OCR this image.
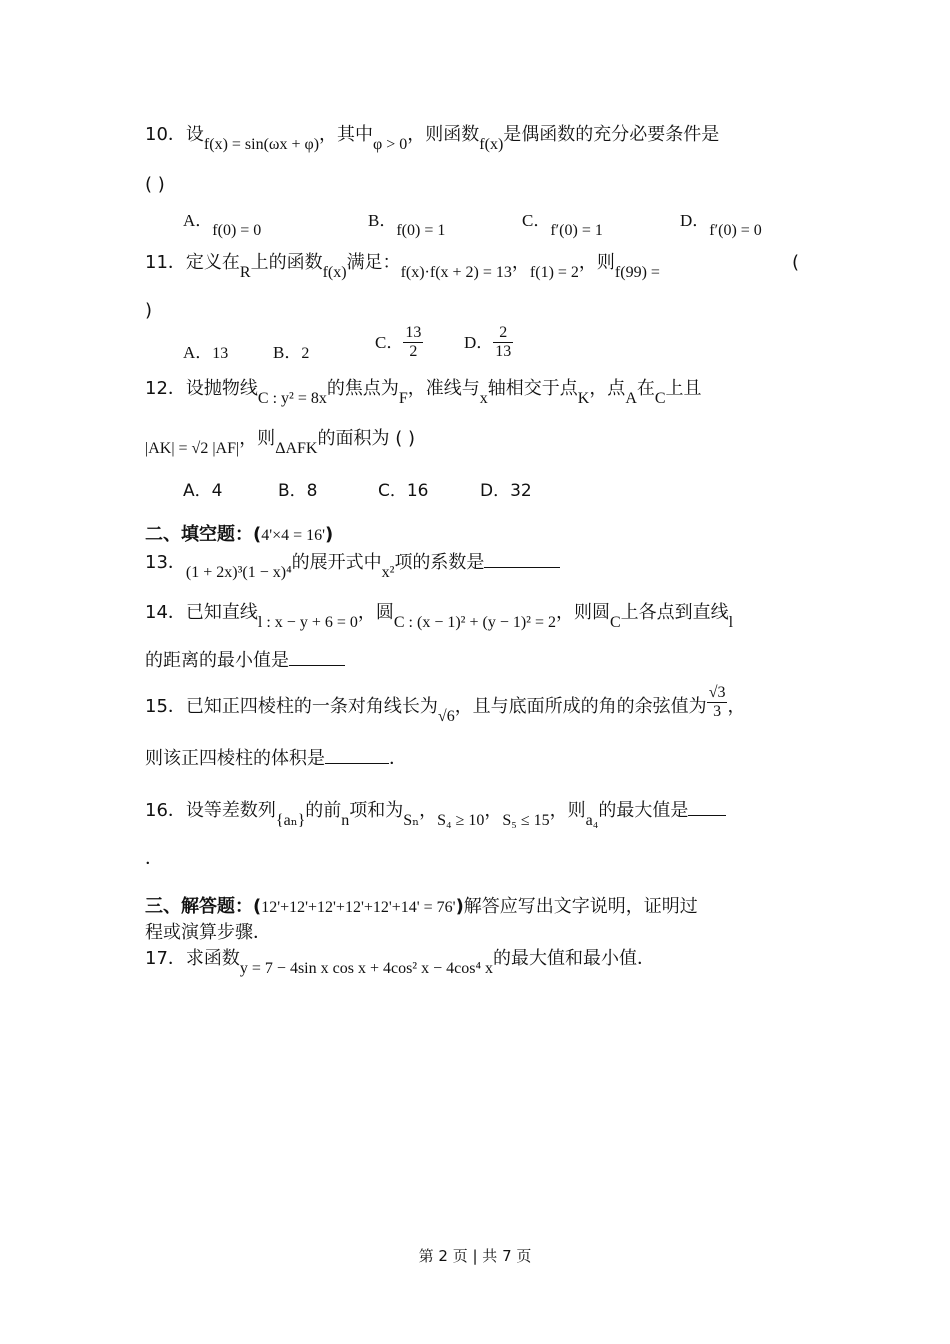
10．设f(x) = sin(ωx + φ)，其中φ > 0，则函数f(x)是偶函数的充分必要条件是
( )
A．f(0) = 0
B．f(0) = 1
C．f′(0) = 1
D．f′(0) = 0
11．定义在R上的函数f(x)满足：f(x)·f(x + 2) = 13，f(1) = 2，则f(99) =	(
)
A．13	B．2
C． $\frac{13}{2}$ D． $\frac{2}{13}$
12．设抛物线C : y² = 8x的焦点为F，准线与x轴相交于点K，点A在C上且
|AK| = √2 |AF|，则ΔAFK的面积为 ( )
A．4	B．8	C．16	D．32
二、填空题：(4'×4 = 16')
13．(1 + 2x)³(1 − x)⁴的展开式中x²项的系数是
14．已知直线l : x − y + 6 = 0，圆C : (x − 1)² + (y − 1)² = 2，则圆C上各点到直线l
的距离的最小值是
15．已知正四棱柱的一条对角线长为√6，且与底面所成的角的余弦值为 $\frac{√3}{3}$ ，
则该正四棱柱的体积是	．
16．设等差数列{aₙ}的前n项和为Sₙ，S₄ ≥ 10，S₅ ≤ 15，则a₄的最大值是
．
三、解答题：(12'+12'+12'+12'+12'+14' = 76')解答应写出文字说明，证明过
程或演算步骤．
17．求函数y = 7 − 4sin x cos x + 4cos² x − 4cos⁴ x的最大值和最小值．
第 2 页 | 共 7 页
